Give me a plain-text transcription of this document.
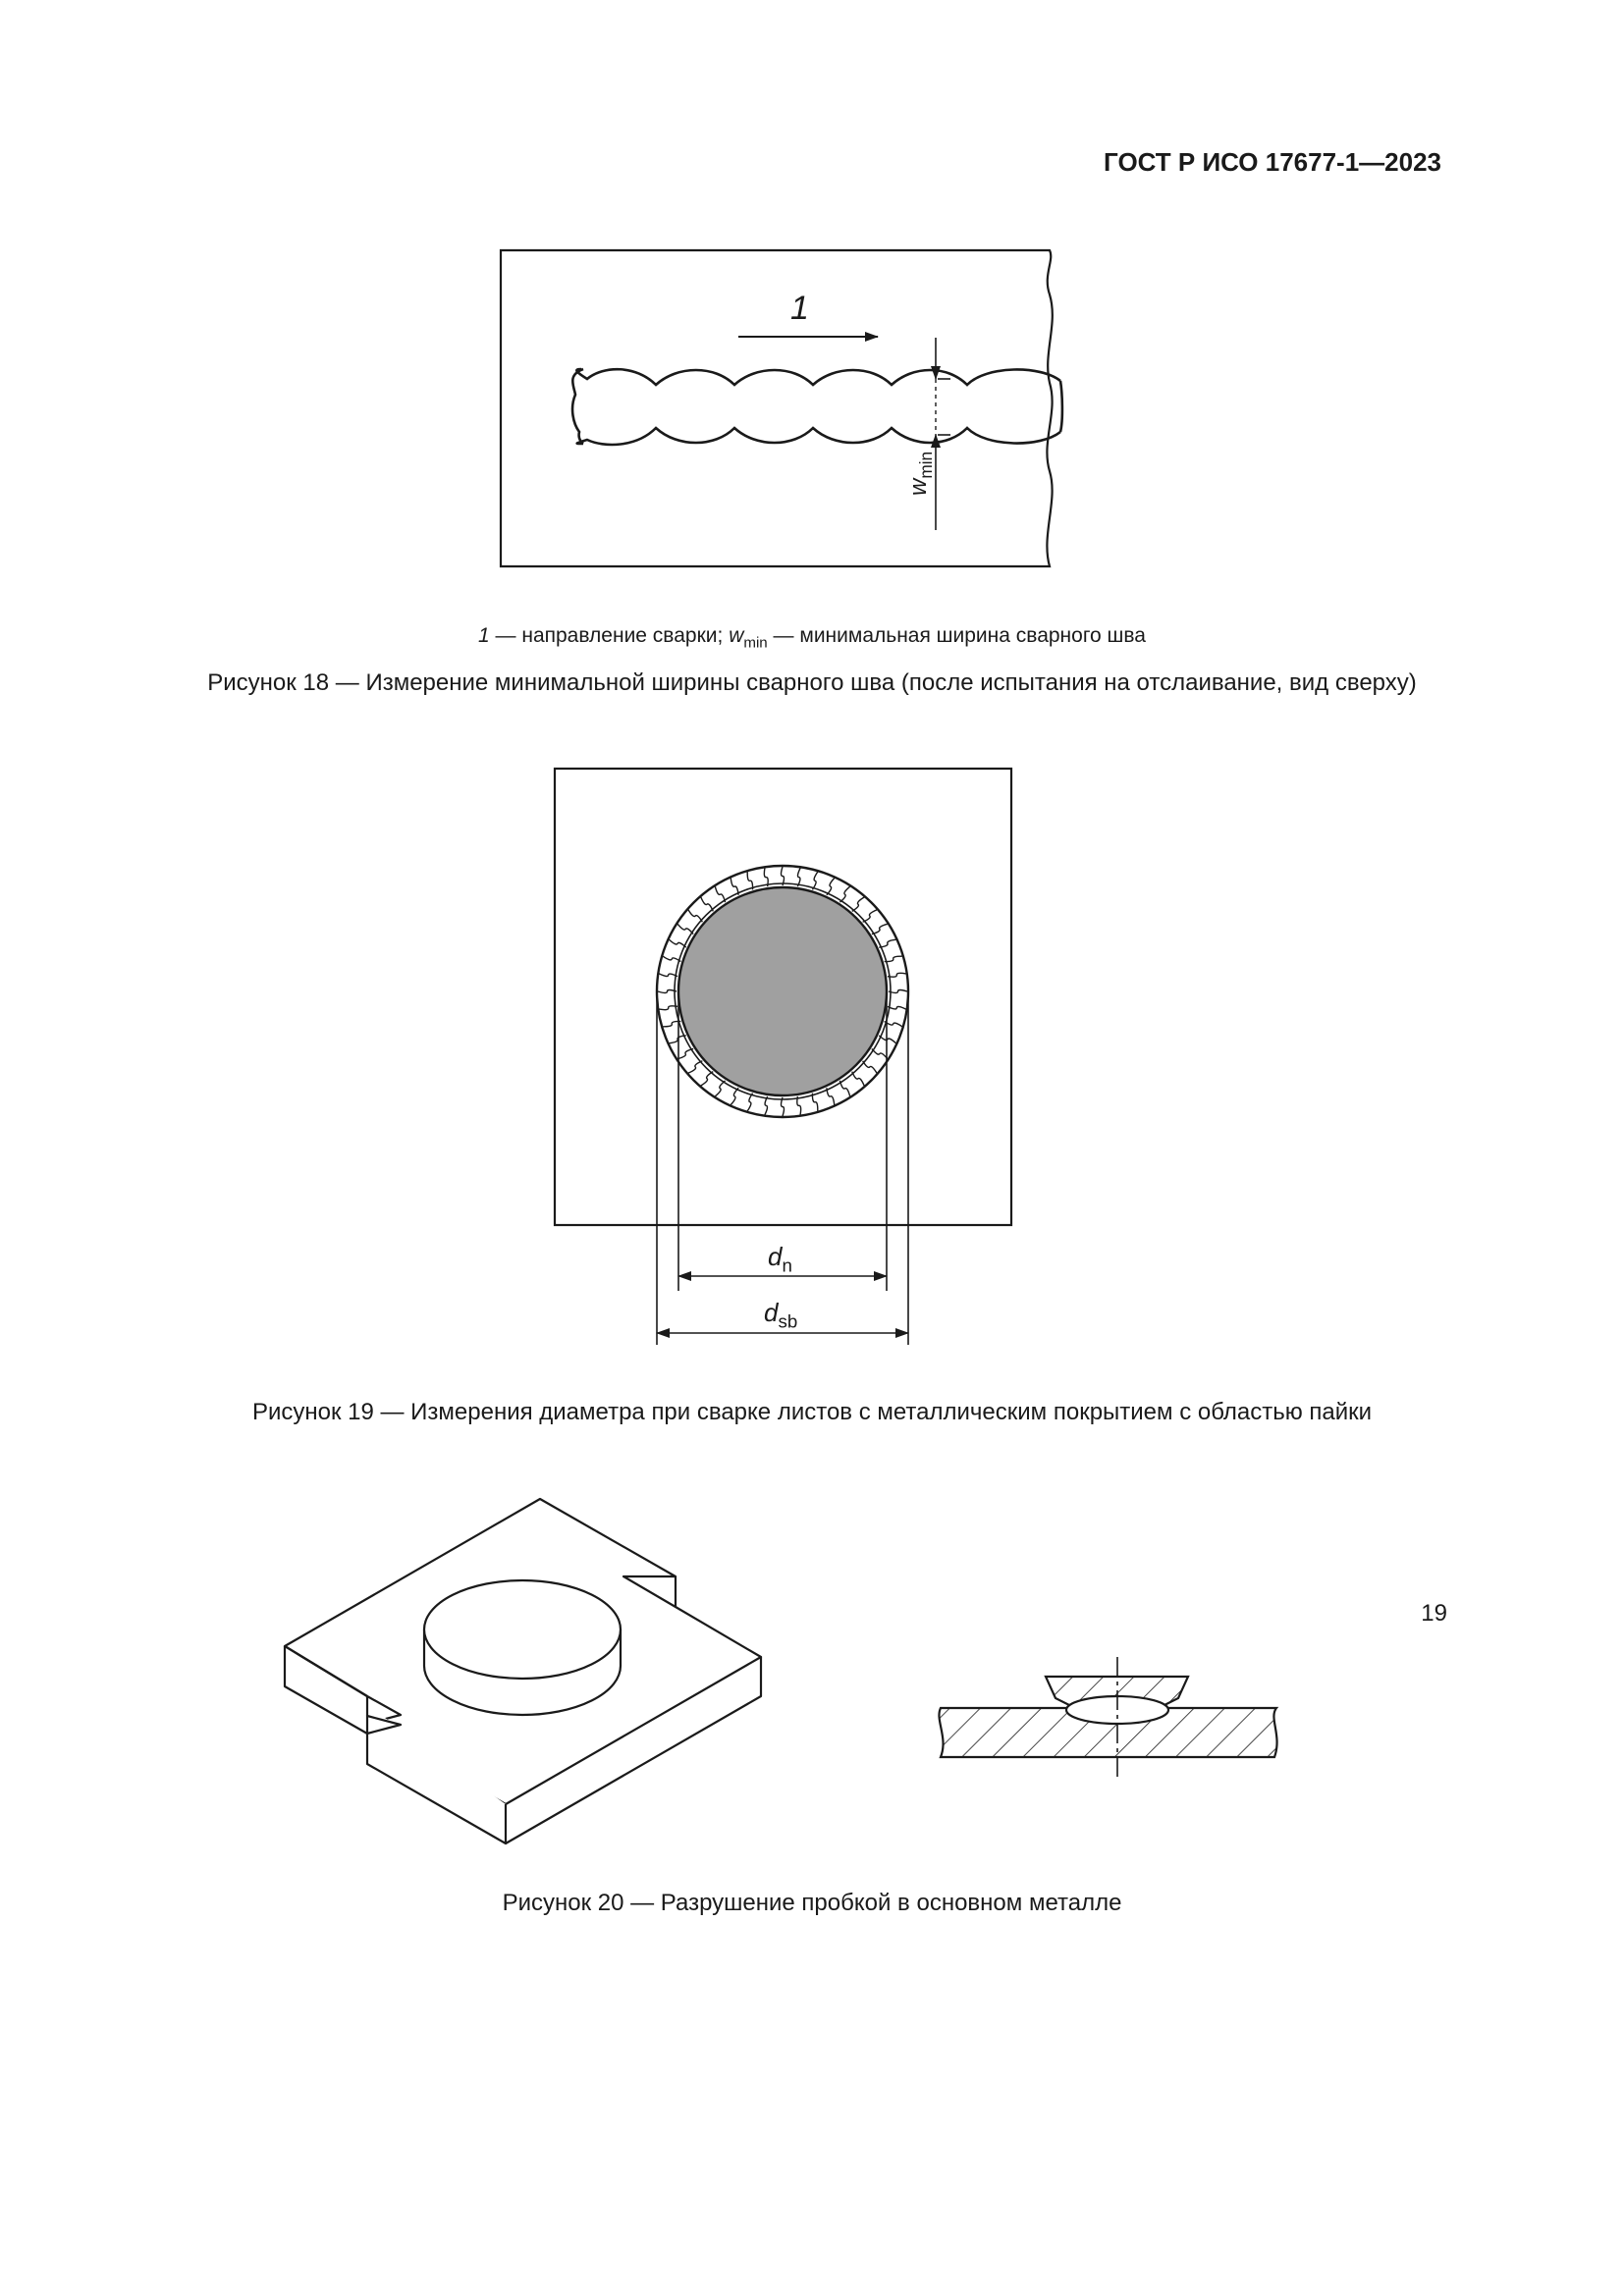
ГОСТ Р ИСО 17677-1—2023
1
$w_{min}$
1 — направление сварки; $w_{min}$ — минимальная ширина сварного шва
Рисунок 18 — Измерение минимальной ширины сварного шва (после испытания на отслаивание, вид сверху)
$d_n$
$d_{sb}$
Рисунок 19 — Измерения диаметра при сварке листов с металлическим покрытием с областью пайки
Рисунок 20 — Разрушение пробкой в основном металле
19
